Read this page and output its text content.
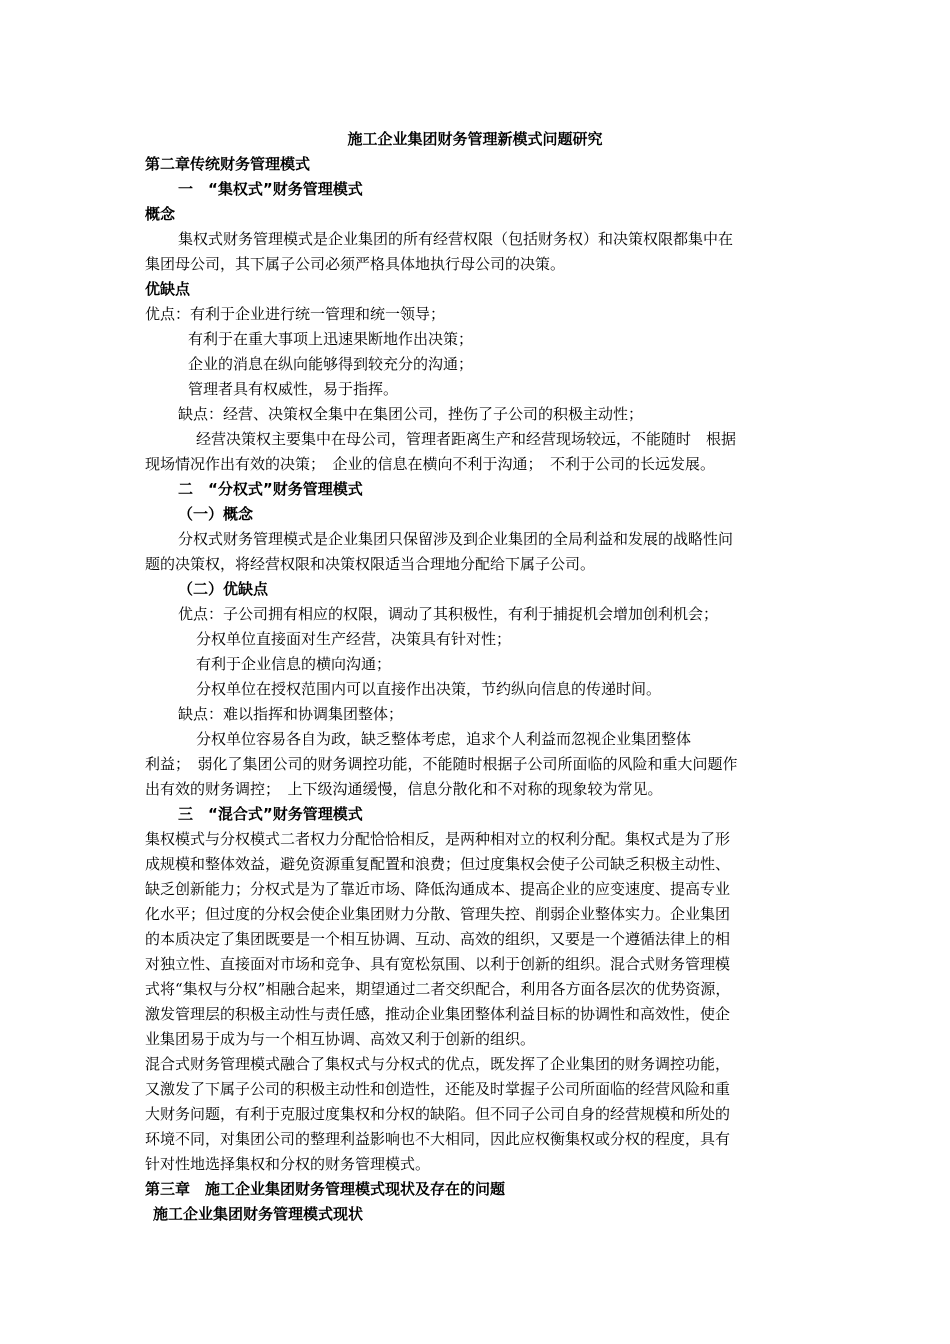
施工企业集团财务管理新模式问题研究
第二章传统财务管理模式
一　“集权式”财务管理模式
概念
集权式财务管理模式是企业集团的所有经营权限（包括财务权）和决策权限都集中在
集团母公司，其下属子公司必须严格具体地执行母公司的决策。
优缺点
优点：有利于企业进行统一管理和统一领导；
有利于在重大事项上迅速果断地作出决策；
企业的消息在纵向能够得到较充分的沟通；
管理者具有权威性，易于指挥。
缺点：经营、决策权全集中在集团公司，挫伤了子公司的积极主动性；
经营决策权主要集中在母公司，管理者距离生产和经营现场较远，不能随时　根据
现场情况作出有效的决策；　企业的信息在横向不利于沟通；　不利于公司的长远发展。
二　“分权式”财务管理模式
（一）概念
分权式财务管理模式是企业集团只保留涉及到企业集团的全局利益和发展的战略性问
题的决策权，将经营权限和决策权限适当合理地分配给下属子公司。
（二）优缺点
优点：子公司拥有相应的权限，调动了其积极性，有利于捕捉机会增加创利机会；
分权单位直接面对生产经营，决策具有针对性；
有利于企业信息的横向沟通；
分权单位在授权范围内可以直接作出决策，节约纵向信息的传递时间。
缺点：难以指挥和协调集团整体；
分权单位容易各自为政，缺乏整体考虑，追求个人利益而忽视企业集团整体
利益；　弱化了集团公司的财务调控功能，不能随时根据子公司所面临的风险和重大问题作
出有效的财务调控；　上下级沟通缓慢，信息分散化和不对称的现象较为常见。
三　“混合式”财务管理模式
集权模式与分权模式二者权力分配恰恰相反，是两种相对立的权利分配。集权式是为了形
成规模和整体效益，避免资源重复配置和浪费；但过度集权会使子公司缺乏积极主动性、
缺乏创新能力；分权式是为了靠近市场、降低沟通成本、提高企业的应变速度、提高专业
化水平；但过度的分权会使企业集团财力分散、管理失控、削弱企业整体实力。企业集团
的本质决定了集团既要是一个相互协调、互动、高效的组织，又要是一个遵循法律上的相
对独立性、直接面对市场和竞争、具有宽松氛围、以利于创新的组织。混合式财务管理模
式将“集权与分权”相融合起来，期望通过二者交织配合，利用各方面各层次的优势资源，
激发管理层的积极主动性与责任感，推动企业集团整体利益目标的协调性和高效性，使企
业集团易于成为与一个相互协调、高效又利于创新的组织。
混合式财务管理模式融合了集权式与分权式的优点，既发挥了企业集团的财务调控功能，
又激发了下属子公司的积极主动性和创造性，还能及时掌握子公司所面临的经营风险和重
大财务问题，有利于克服过度集权和分权的缺陷。但不同子公司自身的经营规模和所处的
环境不同，对集团公司的整理利益影响也不大相同，因此应权衡集权或分权的程度，具有
针对性地选择集权和分权的财务管理模式。
第三章　施工企业集团财务管理模式现状及存在的问题
施工企业集团财务管理模式现状
